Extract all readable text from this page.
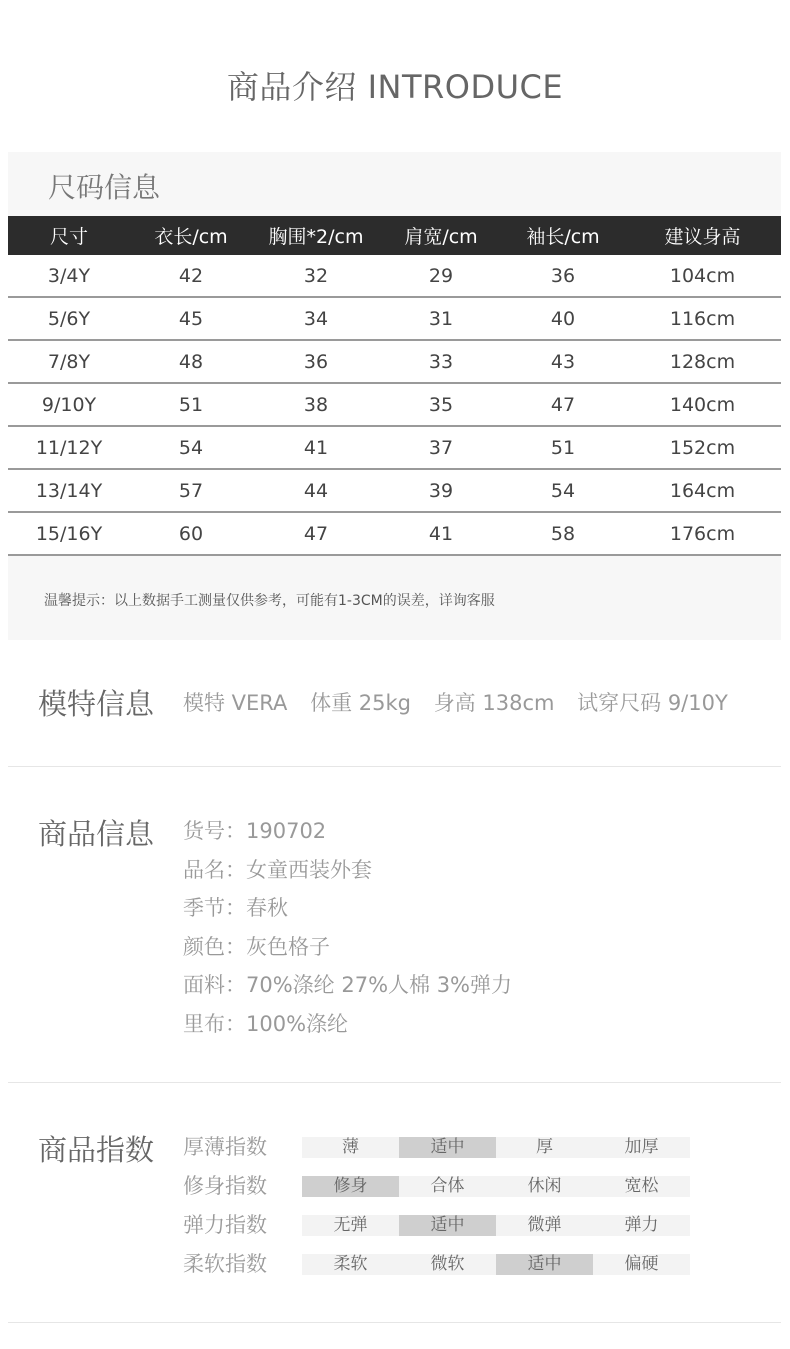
商品介绍 INTRODUCE
尺码信息
尺寸	衣长/cm	胸围*2/cm	肩宽/cm	袖长/cm	建议身高
3/4Y	42	32	29	36	104cm
5/6Y	45	34	31	40	116cm
7/8Y	48	36	33	43	128cm
9/10Y	51	38	35	47	140cm
11/12Y	54	41	37	51	152cm
13/14Y	57	44	39	54	164cm
15/16Y	60	47	41	58	176cm
温馨提示：以上数据手工测量仅供参考，可能有1-3CM的误差，详询客服
模特信息 模特 VERA 体重 25kg 身高 138cm 试穿尺码 9/10Y
商品信息 货号：190702
品名：女童西装外套
季节：春秋
颜色：灰色格子
面料：70%涤纶 27%人棉 3%弹力
里布：100%涤纶
商品指数 厚薄指数	薄	适中	厚	加厚
修身指数	修身	合体	休闲	宽松
弹力指数	无弹	适中	微弹	弹力
柔软指数	柔软	微软	适中	偏硬
